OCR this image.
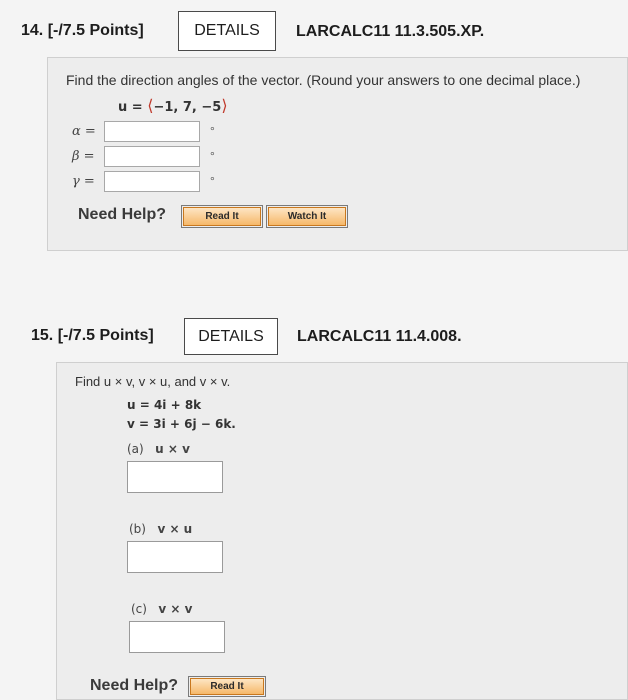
14. [-/7.5 Points]	DETAILS LARCALC11 11.3.505.XP.
Find the direction angles of the vector. (Round your answers to one decimal place.)
u = ⟨−1, 7, −5⟩
α =	°
β =	°
γ =	°
Need Help?	Read It	Watch It
15. [-/7.5 Points]	DETAILS LARCALC11 11.4.008.
Find u × v, v × u, and v × v.
u = 4i + 8k
v = 3i + 6j − 6k.
(a) u × v
(b) v × u
(c) v × v
Need Help?	Read It
